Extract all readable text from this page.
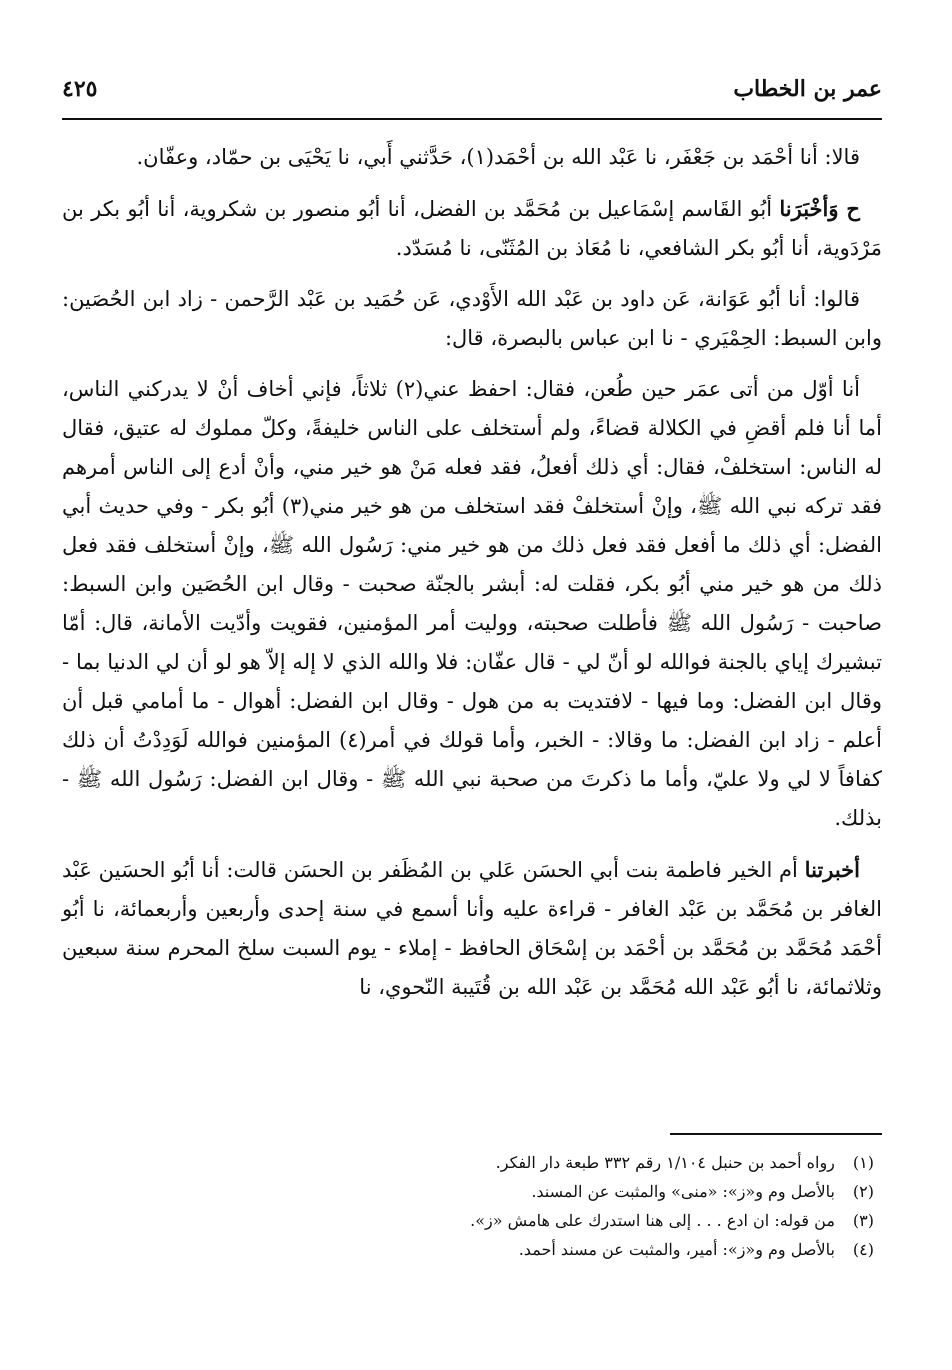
عمر بن الخطاب
٤٢٥

قالا: أنا أحْمَد بن جَعْفَر، نا عَبْد الله بن أحْمَد(١)، حَدَّثني أَبي، نا يَحْيَى بن حمّاد، وعفّان.

ح وَأخْبَرَنا أبُو القَاسم إسْمَاعيل بن مُحَمَّد بن الفضل، أنا أبُو منصور بن شكروية، أنا أبُو بكر بن مَرْدَوية، أنا أبُو بكر الشافعي، نا مُعَاذ بن المُثَنّى، نا مُسَدّد.

قالوا: أنا أبُو عَوَانة، عَن داود بن عَبْد الله الأَوْدي، عَن حُمَيد بن عَبْد الرَّحمن - زاد ابن الحُصَين: وابن السبط: الحِمْيَري - نا ابن عباس بالبصرة، قال:

أنا أوّل من أتى عمَر حين طُعن، فقال: احفظ عني(٢) ثلاثاً، فإني أخاف أنْ لا يدركني الناس، أما أنا فلم أقضِ في الكلالة قضاءً، ولم أستخلف على الناس خليفةً، وكلّ مملوك له عتيق، فقال له الناس: استخلفْ، فقال: أي ذلك أفعلُ، فقد فعله مَنْ هو خير مني، وأنْ أدع إلى الناس أمرهم فقد تركه نبي الله ﷺ، وإنْ أستخلفْ فقد استخلف من هو خير مني(٣) أبُو بكر - وفي حديث أبي الفضل: أي ذلك ما أفعل فقد فعل ذلك من هو خير مني: رَسُول الله ﷺ، وإنْ أستخلف فقد فعل ذلك من هو خير مني أبُو بكر، فقلت له: أبشر بالجنّة صحبت - وقال ابن الحُصَين وابن السبط: صاحبت - رَسُول الله ﷺ فأطلت صحبته، ووليت أمر المؤمنين، فقويت وأدّيت الأمانة، قال: أمّا تبشيرك إياي بالجنة فوالله لو أنّ لي - قال عفّان: فلا والله الذي لا إله إلاّ هو لو أن لي الدنيا بما - وقال ابن الفضل: وما فيها - لافتديت به من هول - وقال ابن الفضل: أهوال - ما أمامي قبل أن أعلم - زاد ابن الفضل: ما وقالا: - الخبر، وأما قولك في أمر(٤) المؤمنين فوالله لَوَدِدْتُ أن ذلك كفافاً لا لي ولا عليّ، وأما ما ذكرتَ من صحبة نبي الله ﷺ - وقال ابن الفضل: رَسُول الله ﷺ - بذلك.

أخبرتنا أم الخير فاطمة بنت أبي الحسَن عَلي بن المُظَفر بن الحسَن قالت: أنا أبُو الحسَين عَبْد الغافر بن مُحَمَّد بن عَبْد الغافر - قراءة عليه وأنا أسمع في سنة إحدى وأربعين وأربعمائة، نا أبُو أحْمَد مُحَمَّد بن مُحَمَّد بن أحْمَد بن إسْحَاق الحافظ - إملاء - يوم السبت سلخ المحرم سنة سبعين وثلاثمائة، نا أبُو عَبْد الله مُحَمَّد بن عَبْد الله بن قُتَيبة النّحوي، نا

(١) رواه أحمد بن حنبل ١/١٠٤ رقم ٣٣٢ طبعة دار الفكر.
(٢) بالأصل وم و«ز»: «منى» والمثبت عن المسند.
(٣) من قوله: ان ادع . . . إلى هنا استدرك على هامش «ز».
(٤) بالأصل وم و«ز»: أمير، والمثبت عن مسند أحمد.
